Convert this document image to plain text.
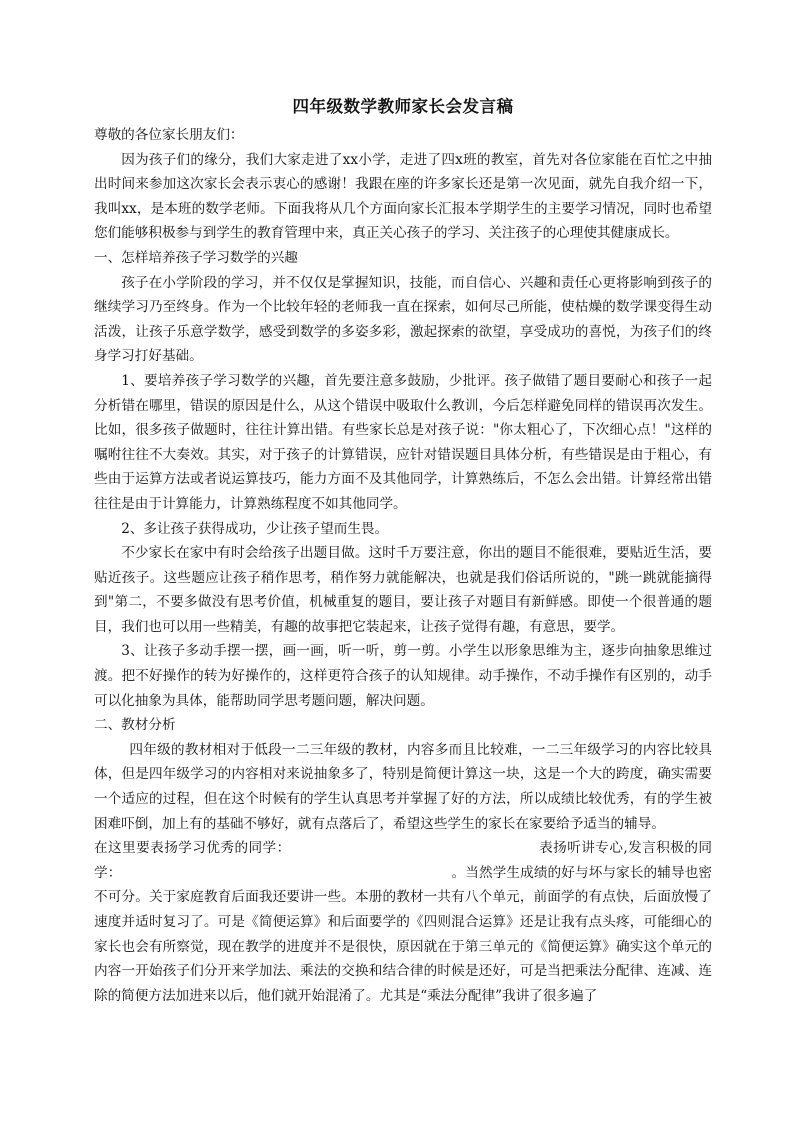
四年级数学教师家长会发言稿

尊敬的各位家长朋友们：

因为孩子们的缘分，我们大家走进了xx小学，走进了四x班的教室，首先对各位家能在百忙之中抽出时间来参加这次家长会表示衷心的感谢！我跟在座的许多家长还是第一次见面，就先自我介绍一下，我叫xx，是本班的数学老师。下面我将从几个方面向家长汇报本学期学生的主要学习情况，同时也希望您们能够积极参与到学生的教育管理中来，真正关心孩子的学习、关注孩子的心理使其健康成长。

一、怎样培养孩子学习数学的兴趣

孩子在小学阶段的学习，并不仅仅是掌握知识，技能，而自信心、兴趣和责任心更将影响到孩子的继续学习乃至终身。作为一个比较年轻的老师我一直在探索，如何尽己所能，使枯燥的数学课变得生动活泼，让孩子乐意学数学，感受到数学的多姿多彩，激起探索的欲望，享受成功的喜悦，为孩子们的终身学习打好基础。

1、要培养孩子学习数学的兴趣，首先要注意多鼓励，少批评。孩子做错了题目要耐心和孩子一起分析错在哪里，错误的原因是什么，从这个错误中吸取什么教训，今后怎样避免同样的错误再次发生。比如，很多孩子做题时，往往计算出错。有些家长总是对孩子说："你太粗心了，下次细心点！"这样的嘱咐往往不大奏效。其实，对于孩子的计算错误，应针对错误题目具体分析，有些错误是由于粗心，有些由于运算方法或者说运算技巧，能力方面不及其他同学，计算熟练后，不怎么会出错。计算经常出错往往是由于计算能力，计算熟练程度不如其他同学。

2、多让孩子获得成功，少让孩子望而生畏。

不少家长在家中有时会给孩子出题目做。这时千万要注意，你出的题目不能很难，要贴近生活，要贴近孩子。这些题应让孩子稍作思考，稍作努力就能解决，也就是我们俗话所说的，"跳一跳就能摘得到"第二，不要多做没有思考价值，机械重复的题目，要让孩子对题目有新鲜感。即使一个很普通的题目，我们也可以用一些精美，有趣的故事把它装起来，让孩子觉得有趣，有意思，要学。

3、让孩子多动手摆一摆，画一画，听一听，剪一剪。小学生以形象思维为主，逐步向抽象思维过渡。把不好操作的转为好操作的，这样更符合孩子的认知规律。动手操作，不动手操作有区别的，动手可以化抽象为具体，能帮助同学思考题问题，解决问题。

二、教材分析

四年级的教材相对于低段一二三年级的教材，内容多而且比较难，一二三年级学习的内容比较具体，但是四年级学习的内容相对来说抽象多了，特别是简便计算这一块，这是一个大的跨度，确实需要一个适应的过程，但在这个时候有的学生认真思考并掌握了好的方法，所以成绩比较优秀，有的学生被困难吓倒，加上有的基础不够好，就有点落后了，希望这些学生的家长在家要给予适当的辅导。

在这里要表扬学习优秀的同学：	表扬听讲专心,发言积极的同学：	。当然学生成绩的好与坏与家长的辅导也密不可分。关于家庭教育后面我还要讲一些。本册的教材一共有八个单元，前面学的有点快，后面放慢了速度并适时复习了。可是《简便运算》和后面要学的《四则混合运算》还是让我有点头疼，可能细心的家长也会有所察觉，现在教学的进度并不是很快，原因就在于第三单元的《简便运算》确实这个单元的内容一开始孩子们分开来学加法、乘法的交换和结合律的时候是还好，可是当把乘法分配律、连减、连除的简便方法加进来以后，他们就开始混淆了。尤其是“乘法分配律”我讲了很多遍了
